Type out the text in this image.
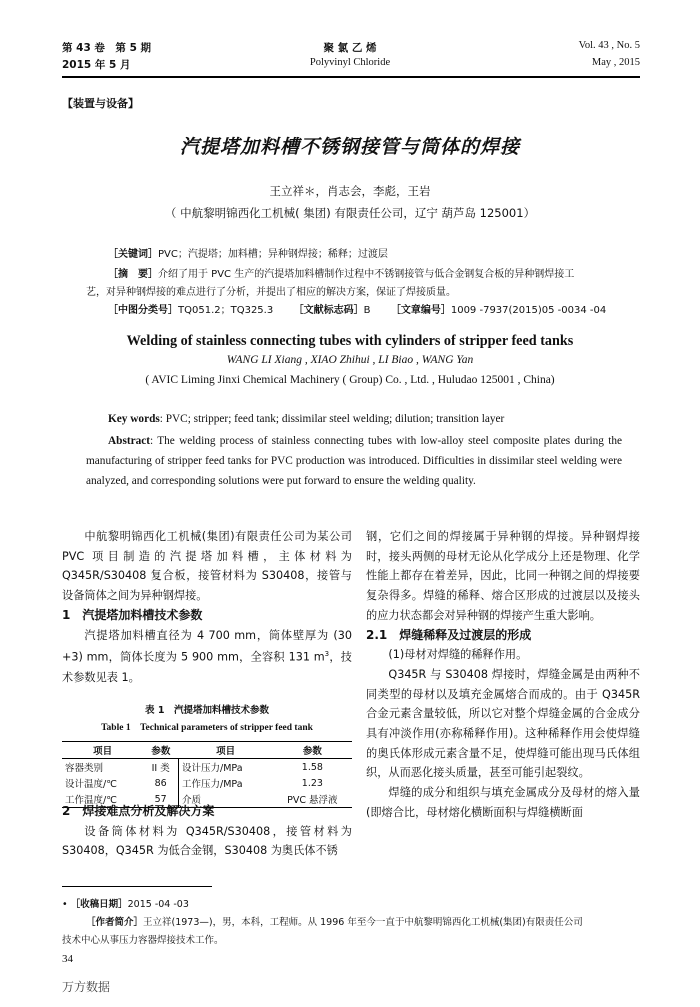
第 43 卷　第 5 期
2015 年 5 月
聚 氯 乙 烯
Polyvinyl Chloride
Vol. 43 , No. 5
May , 2015
【装置与设备】
汽提塔加料槽不锈钢接管与筒体的焊接
王立祥＊，肖志会，李彪，王岩
（ 中航黎明锦西化工机械( 集团) 有限责任公司，辽宁 葫芦岛 125001）
［关键词］PVC；汽提塔；加料槽；异种钢焊接；稀释；过渡层
［摘　要］介绍了用于 PVC 生产的汽提塔加料槽制作过程中不锈钢接管与低合金钢复合板的异种钢焊接工
艺，对异种钢焊接的难点进行了分析，并提出了相应的解决方案，保证了焊接质量。
［中图分类号］TQ051.2；TQ325.3 ［文献标志码］B ［文章编号］1009 -7937(2015)05 -0034 -04
Welding of stainless connecting tubes with cylinders of stripper feed tanks
WANG LI Xiang , XIAO Zhihui , LI Biao , WANG Yan
( AVIC Liming Jinxi Chemical Machinery ( Group) Co. , Ltd. , Huludao 125001 , China)
Key words: PVC; stripper; feed tank; dissimilar steel welding; dilution; transition layer
Abstract: The welding process of stainless connecting tubes with low-alloy steel composite plates during the manufacturing of stripper feed tanks for PVC production was introduced. Difficulties in dissimilar steel welding were analyzed, and corresponding solutions were put forward to ensure the welding quality.

中航黎明锦西化工机械(集团)有限责任公司为某公司 PVC 项目制造的汽提塔加料槽，主体材料为 Q345R/S30408 复合板，接管材料为 S30408，接管与设备筒体之间为异种钢焊接。

1　汽提塔加料槽技术参数

汽提塔加料槽直径为 4 700 mm，筒体壁厚为 (30 +3) mm，筒体长度为 5 900 mm，全容积 131 $m^3$，技术参数见表 1。

表 1　汽提塔加料槽技术参数
Table 1　Technical parameters of stripper feed tank
项目	参数	项目	参数
容器类别	II 类	设计压力/MPa	1.58
设计温度/℃	86	工作压力/MPa	1.23
工作温度/℃	57	介质	PVC 悬浮液

2　焊接难点分析及解决方案

设备筒体材料为 Q345R/S30408，接管材料为 S30408，Q345R 为低合金钢，S30408 为奥氏体不锈

钢，它们之间的焊接属于异种钢的焊接。异种钢焊接时，接头两侧的母材无论从化学成分上还是物理、化学性能上都存在着差异，因此，比同一种钢之间的焊接要复杂得多。焊缝的稀释、熔合区形成的过渡层以及接头的应力状态都会对异种钢的焊接产生重大影响。

2.1　焊缝稀释及过渡层的形成

(1)母材对焊缝的稀释作用。

Q345R 与 S30408 焊接时，焊缝金属是由两种不同类型的母材以及填充金属熔合而成的。由于 Q345R 合金元素含量较低，所以它对整个焊缝金属的合金成分具有冲淡作用(亦称稀释作用)。这种稀释作用会使焊缝的奥氏体形成元素含量不足，使焊缝可能出现马氏体组织，从而恶化接头质量，甚至可能引起裂纹。

焊缝的成分和组织与填充金属成分及母材的熔入量(即熔合比，母材熔化横断面积与焊缝横断面

• ［收稿日期］2015 -04 -03
［作者简介］王立祥(1973—)，男，本科，工程师。从 1996 年至今一直于中航黎明锦西化工机械(集团)有限责任公司
技术中心从事压力容器焊接技术工作。
34
万方数据
